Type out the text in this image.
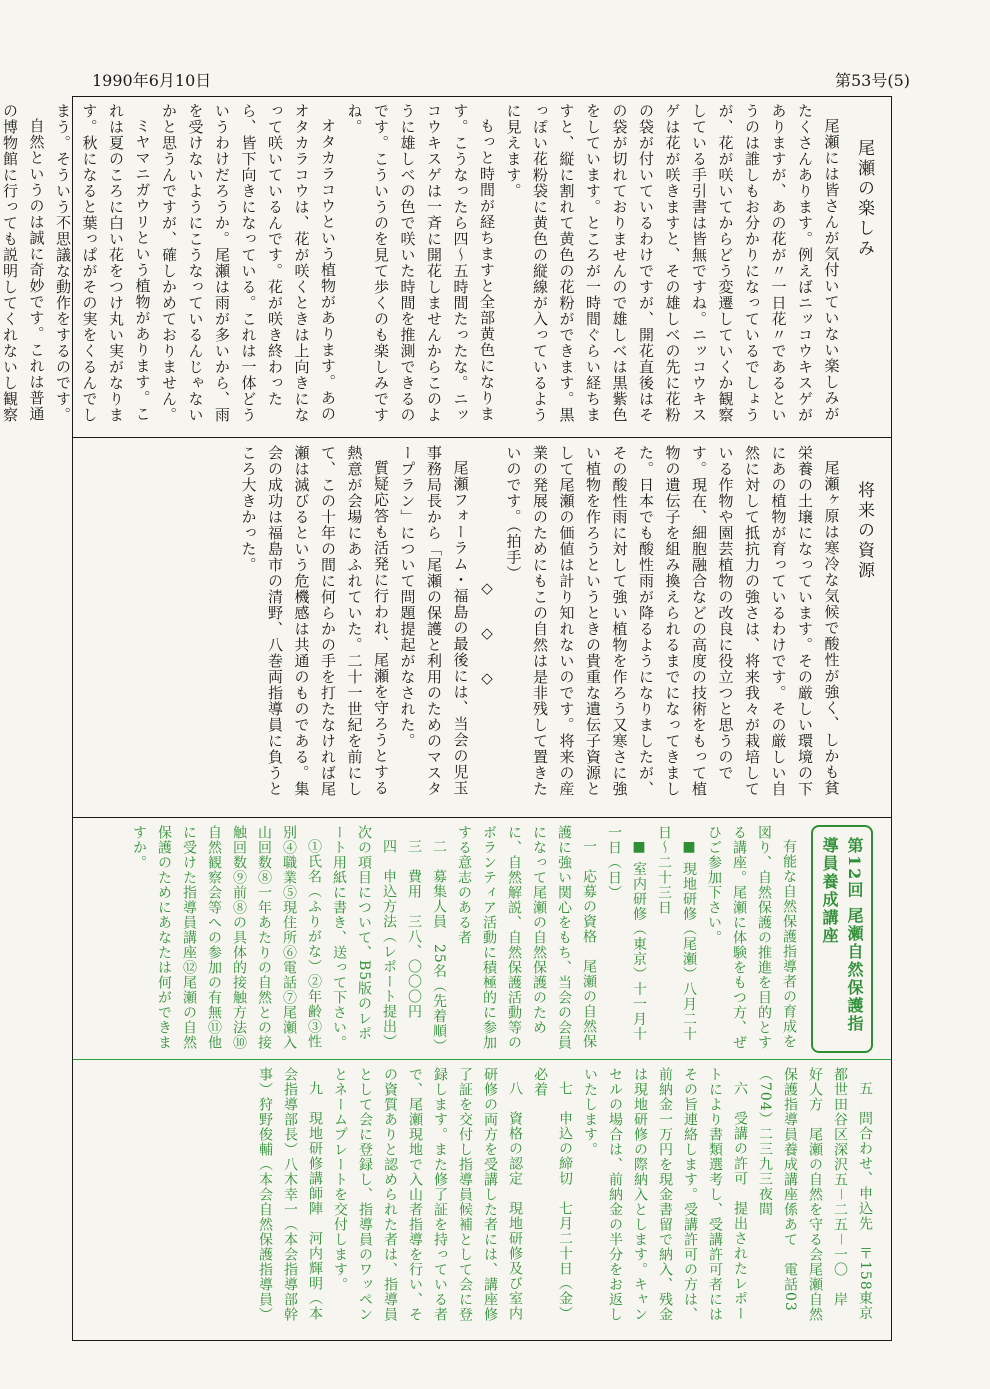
1990年6月10日	第53号(5)
尾瀬の楽しみ

尾瀬には皆さんが気付いていない楽しみがたくさんあります。例えばニッコウキスゲがありますが、あの花が〃一日花〃であるというのは誰しもお分かりになっているでしょうが、花が咲いてからどう変遷していくか観察している手引書は皆無ですね。ニッコウキスゲは花が咲きますと、その雄しべの先に花粉の袋が付いているわけですが、開花直後はその袋が切れておりませんので雄しべは黒紫色をしています。ところが一時間ぐらい経ちますと、縦に割れて黄色の花粉ができます。黒っぽい花粉袋に黄色の縦線が入っているように見えます。

もっと時間が経ちますと全部黄色になります。こうなったら四～五時間たったな。ニッコウキスゲは一斉に開花しませんからこのように雄しべの色で咲いた時間を推測できるのです。こういうのを見て歩くのも楽しみですね。

オタカラコウという植物があります。あのオタカラコウは、花が咲くときは上向きになって咲いているんです。花が咲き終わったら、皆下向きになっている。これは一体どういうわけだろうか。尾瀬は雨が多いから、雨を受けないようにこうなっているんじゃないかと思うんですが、確しかめておりません。

ミヤマニガウリという植物があります。これは夏のころに白い花をつけ丸い実がなります。秋になると葉っぱがその実をくるんでしまう。そういう不思議な動作をするのです。

自然というのは誠に奇妙です。これは普通の博物館に行っても説明してくれないし観察

将来の資源

尾瀬ヶ原は寒冷な気候で酸性が強く、しかも貧栄養の土壌になっています。その厳しい環境の下にあの植物が育っているわけです。その厳しい自然に対して抵抗力の強さは、将来我々が栽培している作物や園芸植物の改良に役立つと思うのです。現在、細胞融合などの高度の技術をもって植物の遺伝子を組み換えられるまでになってきました。日本でも酸性雨が降るようになりましたが、その酸性雨に対して強い植物を作ろう又寒さに強い植物を作ろうというときの貴重な遺伝子資源として尾瀬の価値は計り知れないのです。将来の産業の発展のためにもこの自然は是非残して置きたいのです。（拍手）

◇　◇　◇

尾瀬フォーラム・福島の最後には、当会の児玉事務局長から「尾瀬の保護と利用のためのマスタープラン」について問題提起がなされた。

質疑応答も活発に行われ、尾瀬を守ろうとする熱意が会場にあふれていた。二十一世紀を前にして、この十年の間に何らかの手を打たなければ尾瀬は滅びるという危機感は共通のものである。集会の成功は福島市の清野、八巻両指導員に負うところ大きかった。

第12回 尾瀬自然保護指導員養成講座

有能な自然保護指導者の育成を図り、自然保護の推進を目的とする講座。尾瀬に体験をもつ方、ぜひご参加下さい。

■ 現地研修（尾瀬）八月二十日～二十三日

■ 室内研修（東京）十一月十一日（日）

一　応募の資格　尾瀬の自然保護に強い関心をもち、当会の会員になって尾瀬の自然保護のために、自然解説、自然保護活動等のボランティア活動に積極的に参加する意志のある者

二　募集人員　25名（先着順）

三　費用　三八、〇〇〇円

四　申込方法（レポート提出）　次の項目について、B5版のレポート用紙に書き、送って下さい。

①氏名（ふりがな）②年齢③性別④職業⑤現住所⑥電話⑦尾瀬入山回数⑧一年あたりの自然との接触回数⑨前⑧の具体的接触方法⑩自然観察会等への参加の有無⑪他に受けた指導員講座⑫尾瀬の自然保護のためにあなたは何ができますか。

五　問合わせ、申込先　〒158東京都世田谷区深沢五－二五－一〇　岸　好人方　尾瀬の自然を守る会尾瀬自然保護指導員養成講座係あて　電話03（704）二三九三夜間

六　受講の許可　提出されたレポートにより書類選考し、受講許可者にはその旨連絡します。受講許可の方は、前納金一万円を現金書留で納入、残金は現地研修の際納入とします。キャンセルの場合は、前納金の半分をお返しいたします。

七　申込の締切　七月二十日（金）必着

八　資格の認定　現地研修及び室内研修の両方を受講した者には、講座修了証を交付し指導員候補として会に登録します。また修了証を持っている者で、尾瀬現地で入山者指導を行い、その資質ありと認められた者は、指導員として会に登録し、指導員のワッペンとネームプレートを交付します。

九　現地研修講師陣　河内輝明（本会指導部長）八木幸一（本会指導部幹事）狩野俊輔（本会自然保護指導員）
